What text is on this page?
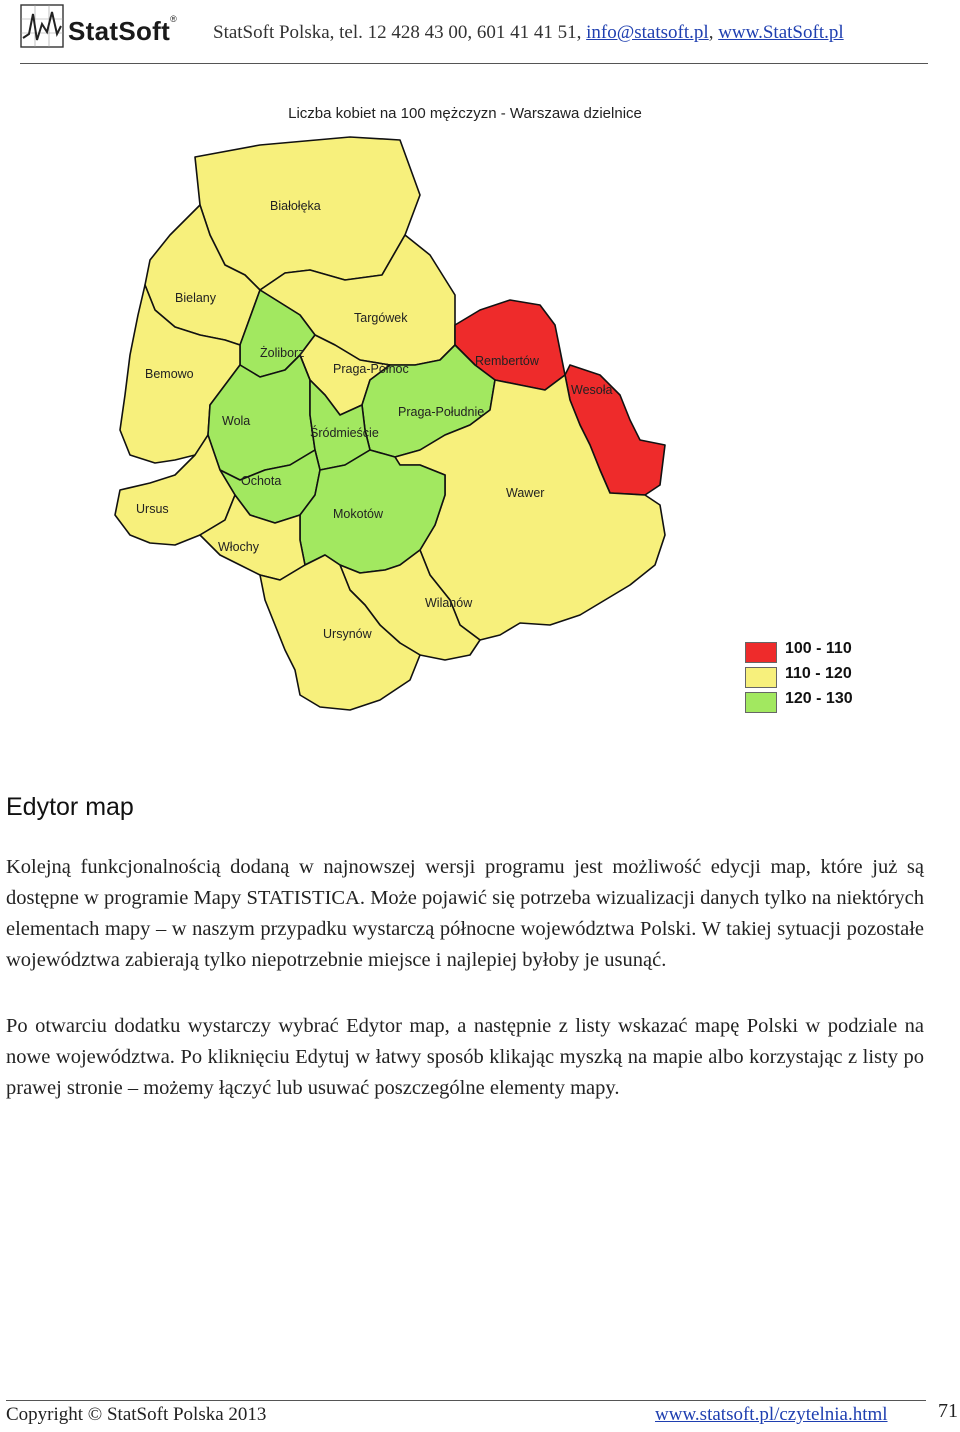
StatSoft®
StatSoft Polska, tel. 12 428 43 00, 601 41 41 51, info@statsoft.pl, www.StatSoft.pl
Białołęka
Bielany
Targówek
Żoliborz
Praga-Północ
Rembertów
Bemowo
Wesoła
Praga-Południe
Wola
Śródmieście
Ochota
Wawer
Ursus	Mokotów
Włochy
Wilanów
Ursynów
Liczba kobiet na 100 mężczyzn - Warszawa dzielnice
100 - 110
110 - 120
120 - 130
Edytor map

Kolejną funkcjonalnością dodaną w najnowszej wersji programu jest możliwość edycji map, które już są dostępne w programie Mapy STATISTICA. Może pojawić się potrzeba wizualizacji danych tylko na niektórych elementach mapy – w naszym przypadku wystarczą północne województwa Polski. W takiej sytuacji pozostałe województwa zabierają tylko niepotrzebnie miejsce i najlepiej byłoby je usunąć.

Po otwarciu dodatku wystarczy wybrać Edytor map, a następnie z listy wskazać mapę Polski w podziale na nowe województwa. Po kliknięciu Edytuj w łatwy sposób klikając myszką na mapie albo korzystając z listy po prawej stronie – możemy łączyć lub usuwać poszczególne elementy mapy.

Copyright © StatSoft Polska 2013	www.statsoft.pl/czytelnia.html	71
